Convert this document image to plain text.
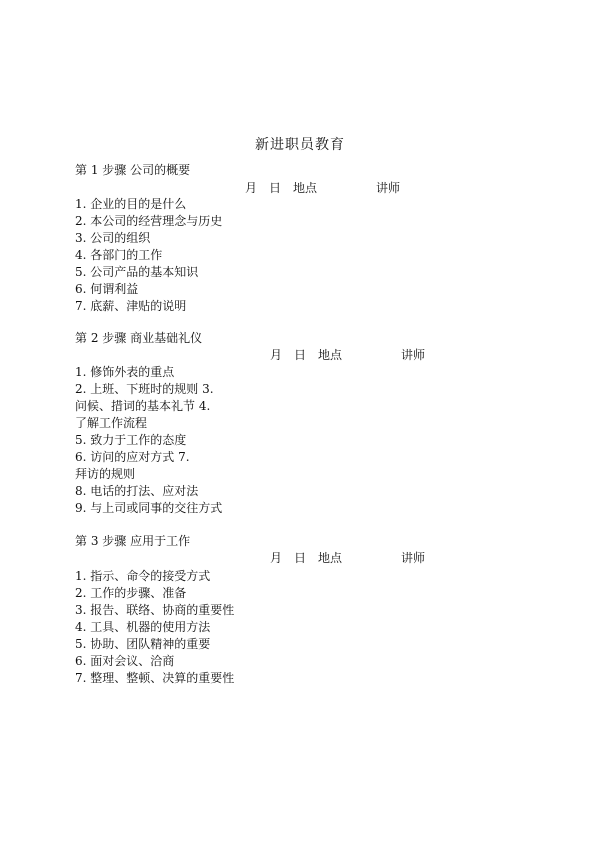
新进职员教育
第 1 步骤 公司的概要
月 日 地点	讲师
1. 企业的目的是什么
2. 本公司的经营理念与历史
3. 公司的组织
4. 各部门的工作
5. 公司产品的基本知识
6. 何谓利益
7. 底薪、津贴的说明
第 2 步骤 商业基础礼仪
月 日 地点	讲师
1. 修饰外表的重点
2. 上班、下班时的规则 3.
问候、措词的基本礼节 4.
了解工作流程
5. 致力于工作的态度
6. 访问的应对方式 7.
拜访的规则
8. 电话的打法、应对法
9. 与上司或同事的交往方式
第 3 步骤 应用于工作
月 日 地点	讲师
1. 指示、命令的接受方式
2. 工作的步骤、准备
3. 报告、联络、协商的重要性
4. 工具、机器的使用方法
5. 协助、团队精神的重要
6. 面对会议、洽商
7. 整理、整顿、决算的重要性
